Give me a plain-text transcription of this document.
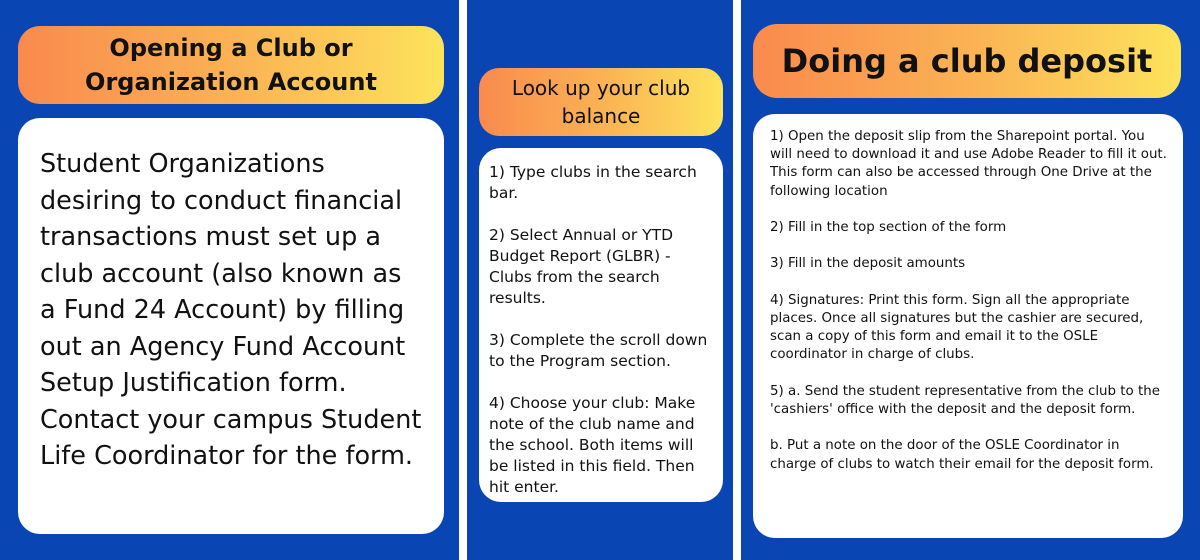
Opening a Club or Organization Account

Student Organizations desiring to conduct financial transactions must set up a club account (also known as a Fund 24 Account) by filling out an Agency Fund Account Setup Justification form. Contact your campus Student Life Coordinator for the form.

Look up your club balance

1) Type clubs in the search bar.

2) Select Annual or YTD Budget Report (GLBR) - Clubs from the search results.

3) Complete the scroll down to the Program section.

4) Choose your club: Make note of the club name and the school. Both items will be listed in this field. Then hit enter.

Doing a club deposit

1) Open the deposit slip from the Sharepoint portal. You will need to download it and use Adobe Reader to fill it out. This form can also be accessed through One Drive at the following location

2) Fill in the top section of the form

3) Fill in the deposit amounts

4) Signatures: Print this form. Sign all the appropriate places. Once all signatures but the cashier are secured, scan a copy of this form and email it to the OSLE coordinator in charge of clubs.

5) a. Send the student representative from the club to the 'cashiers' office with the deposit and the deposit form.

b. Put a note on the door of the OSLE Coordinator in charge of clubs to watch their email for the deposit form.
